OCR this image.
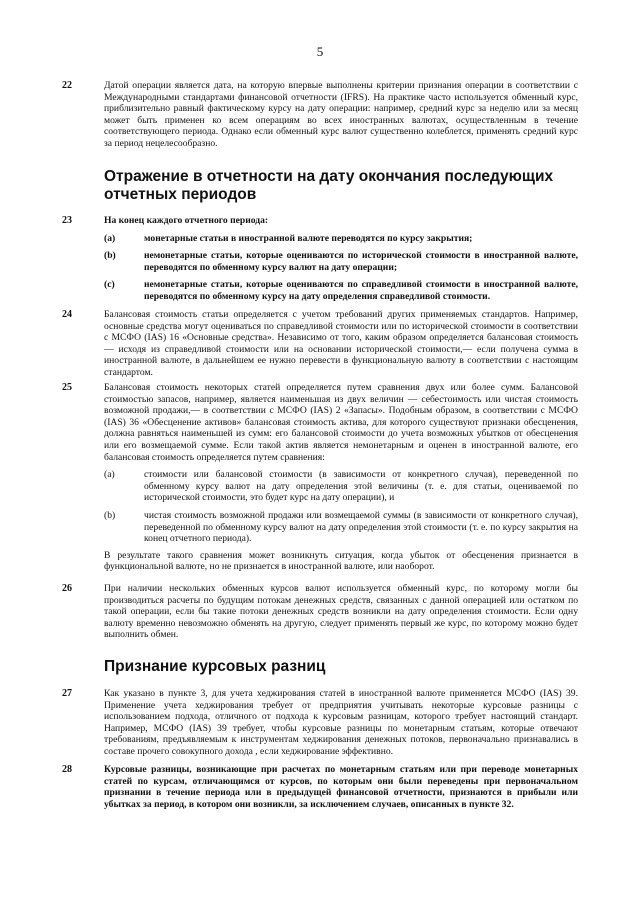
5
22	Датой операции является дата, на которую впервые выполнены критерии признания операции в соответствии с Международными стандартами финансовой отчетности (IFRS). На практике часто используется обменный курс, приблизительно равный фактическому курсу на дату операции: например, средний курс за неделю или за месяц может быть применен ко всем операциям во всех иностранных валютах, осуществленным в течение соответствующего периода. Однако если обменный курс валют существенно колеблется, применять средний курс за период нецелесообразно.
Отражение в отчетности на дату окончания последующих отчетных периодов
23	На конец каждого отчетного периода:
(a)	монетарные статьи в иностранной валюте переводятся по курсу закрытия;
(b)	немонетарные статьи, которые оцениваются по исторической стоимости в иностранной валюте, переводятся по обменному курсу валют на дату операции;
(c)	немонетарные статьи, которые оцениваются по справедливой стоимости в иностранной валюте, переводятся по обменному курсу на дату определения справедливой стоимости.
24	Балансовая стоимость статьи определяется с учетом требований других применяемых стандартов. Например, основные средства могут оцениваться по справедливой стоимости или по исторической стоимости в соответствии с МСФО (IAS) 16 «Основные средства». Независимо от того, каким образом определяется балансовая стоимость — исходя из справедливой стоимости или на основании исторической стоимости,— если получена сумма в иностранной валюте, в дальнейшем ее нужно перевести в функциональную валюту в соответствии с настоящим стандартом.
25	Балансовая стоимость некоторых статей определяется путем сравнения двух или более сумм. Балансовой стоимостью запасов, например, является наименьшая из двух величин — себестоимость или чистая стоимость возможной продажи,— в соответствии с МСФО (IAS) 2 «Запасы». Подобным образом, в соответствии с МСФО (IAS) 36 «Обесценение активов» балансовая стоимость актива, для которого существуют признаки обесценения, должна равняться наименьшей из сумм: его балансовой стоимости до учета возможных убытков от обесценения или его возмещаемой сумме. Если такой актив является немонетарным и оценен в иностранной валюте, его балансовая стоимость определяется путем сравнения:
(a)	стоимости или балансовой стоимости (в зависимости от конкретного случая), переведенной по обменному курсу валют на дату определения этой величины (т. е. для статьи, оцениваемой по исторической стоимости, это будет курс на дату операции), и
(b)	чистая стоимость возможной продажи или возмещаемой суммы (в зависимости от конкретного случая), переведенной по обменному курсу валют на дату определения этой стоимости (т. е. по курсу закрытия на конец отчетного периода).
В результате такого сравнения может возникнуть ситуация, когда убыток от обесценения признается в функциональной валюте, но не признается в иностранной валюте, или наоборот.
26	При наличии нескольких обменных курсов валют используется обменный курс, по которому могли бы производиться расчеты по будущим потокам денежных средств, связанных с данной операцией или остатком по такой операции, если бы такие потоки денежных средств возникли на дату определения стоимости. Если одну валюту временно невозможно обменять на другую, следует применять первый же курс, по которому можно будет выполнить обмен.
Признание курсовых разниц
27	Как указано в пункте 3, для учета хеджирования статей в иностранной валюте применяется МСФО (IAS) 39. Применение учета хеджирования требует от предприятия учитывать некоторые курсовые разницы с использованием подхода, отличного от подхода к курсовым разницам, которого требует настоящий стандарт. Например, МСФО (IAS) 39 требует, чтобы курсовые разницы по монетарным статьям, которые отвечают требованиям, предъявляемым к инструментам хеджирования денежных потоков, первоначально признавались в составе прочего совокупного дохода , если хеджирование эффективно.
28	Курсовые разницы, возникающие при расчетах по монетарным статьям или при переводе монетарных статей по курсам, отличающимся от курсов, по которым они были переведены при первоначальном признании в течение периода или в предыдущей финансовой отчетности, признаются в прибыли или убытках за период, в котором они возникли, за исключением случаев, описанных в пункте 32.
